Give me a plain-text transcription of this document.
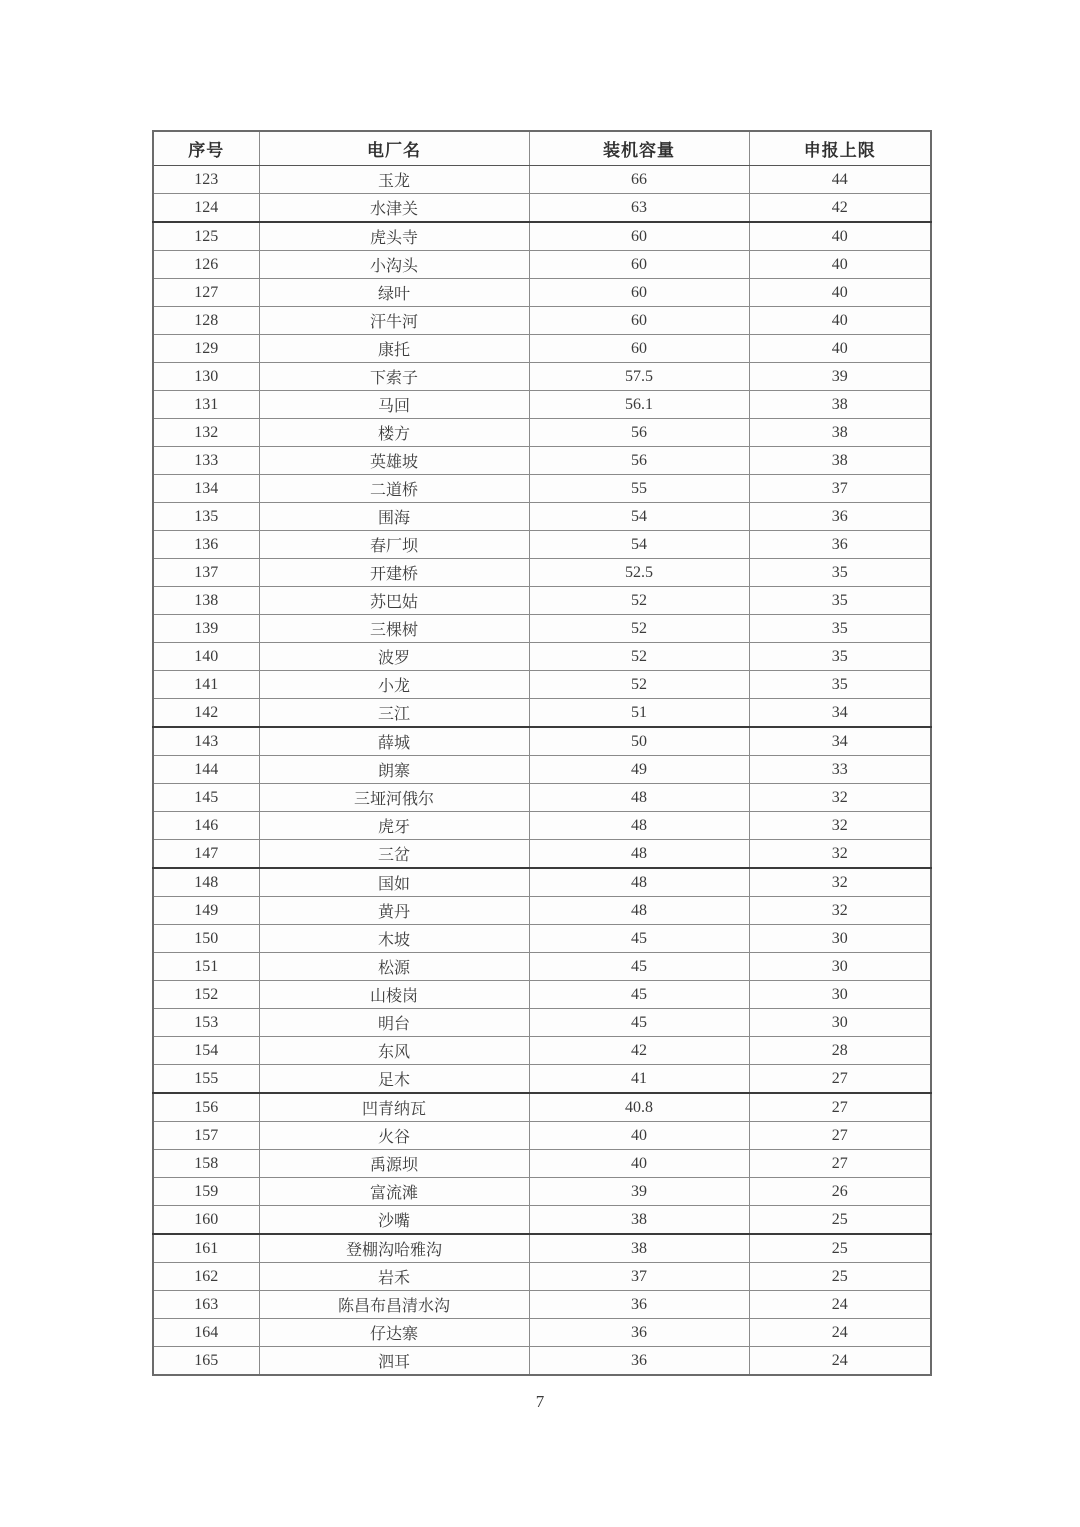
序号	电厂名	装机容量	申报上限
123	玉龙	66	44
124	水津关	63	42
125	虎头寺	60	40
126	小沟头	60	40
127	绿叶	60	40
128	汗牛河	60	40
129	康托	60	40
130	下索子	57.5	39
131	马回	56.1	38
132	楼方	56	38
133	英雄坡	56	38
134	二道桥	55	37
135	围海	54	36
136	春厂坝	54	36
137	开建桥	52.5	35
138	苏巴姑	52	35
139	三棵树	52	35
140	波罗	52	35
141	小龙	52	35
142	三江	51	34
143	薛城	50	34
144	朗寨	49	33
145	三垭河俄尔	48	32
146	虎牙	48	32
147	三岔	48	32
148	国如	48	32
149	黄丹	48	32
150	木坡	45	30
151	松源	45	30
152	山棱岗	45	30
153	明台	45	30
154	东风	42	28
155	足木	41	27
156	凹青纳瓦	40.8	27
157	火谷	40	27
158	禹源坝	40	27
159	富流滩	39	26
160	沙嘴	38	25
161	登棚沟哈雅沟	38	25
162	岩禾	37	25
163	陈昌布昌清水沟	36	24
164	仔达寨	36	24
165	泗耳	36	24
7
